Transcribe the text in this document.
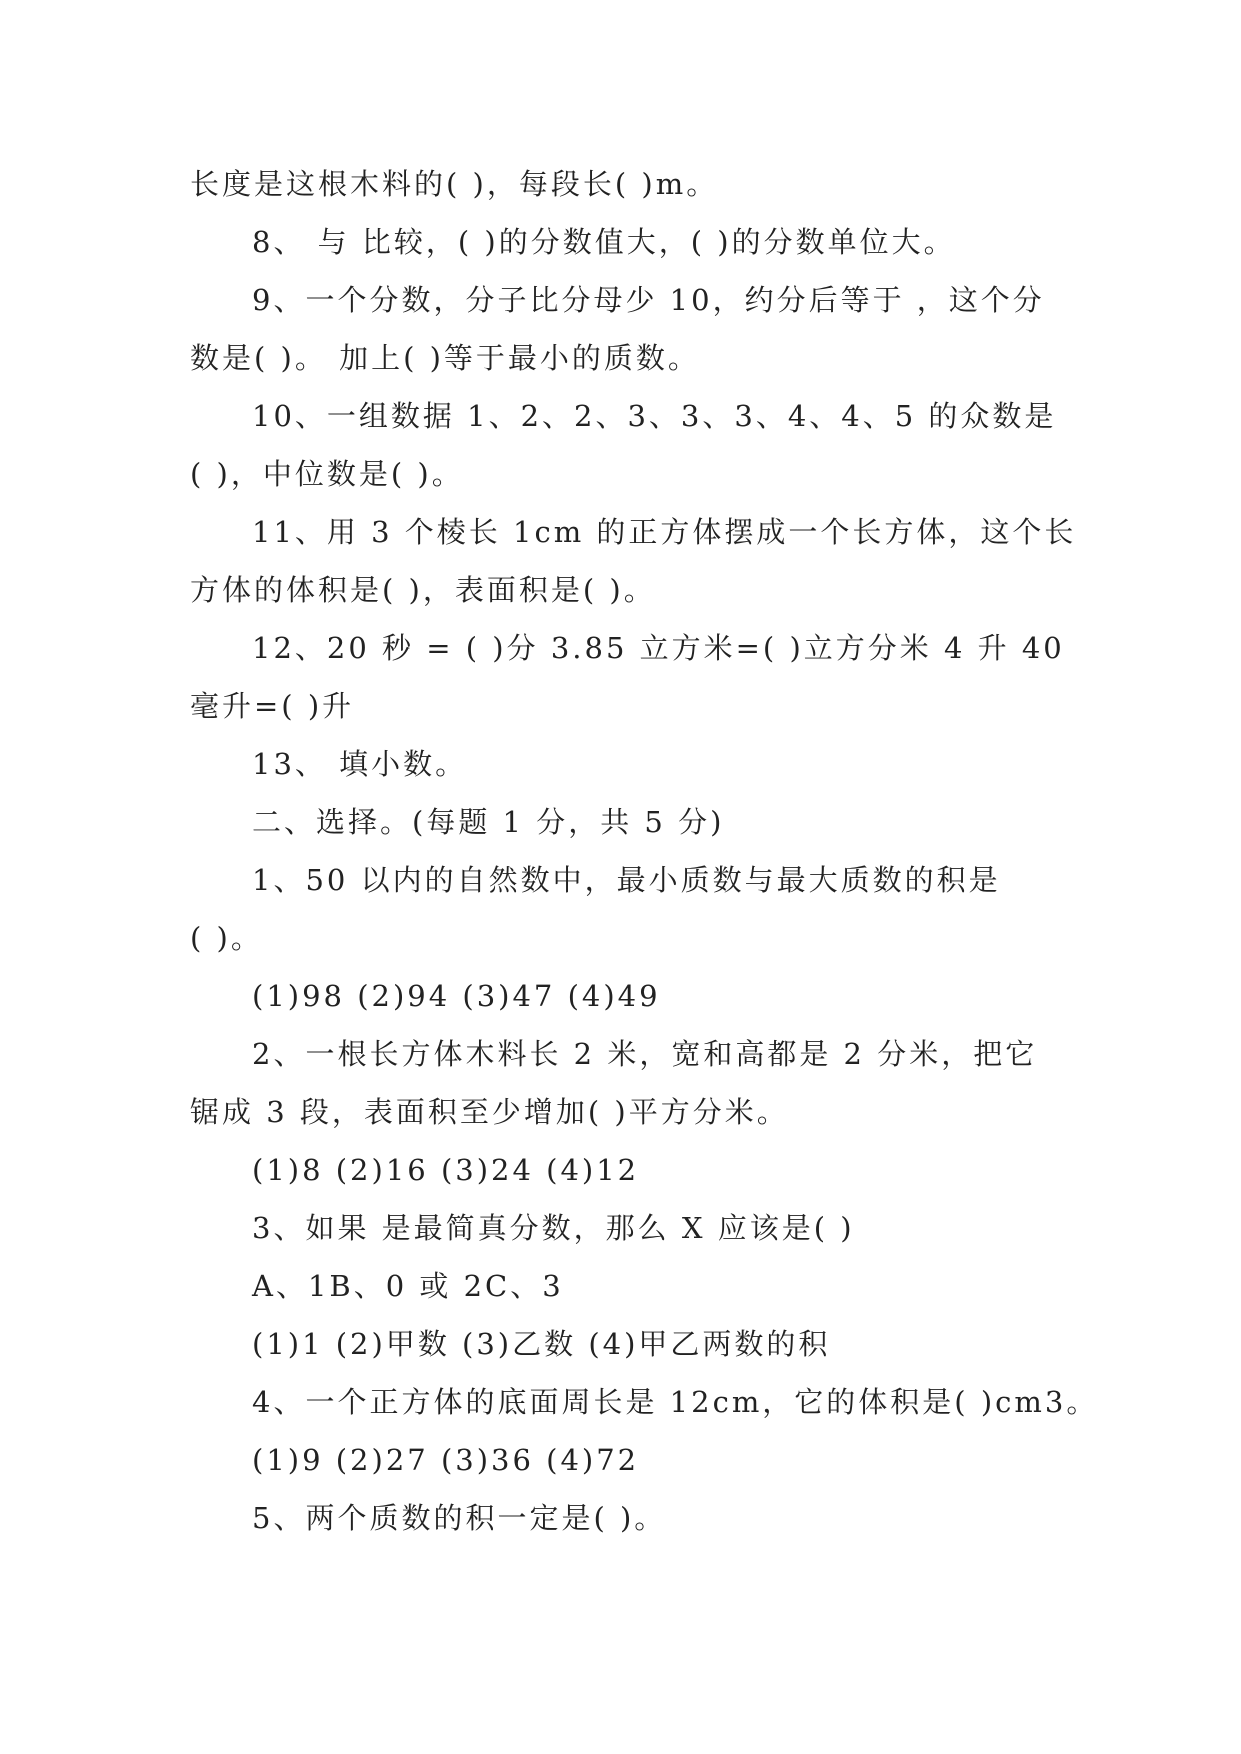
长度是这根木料的( )，每段长( )m。
8、 与 比较，( )的分数值大，( )的分数单位大。
9、一个分数，分子比分母少 10，约分后等于 ，这个分
数是( )。 加上( )等于最小的质数。
10、一组数据 1、2、2、3、3、3、4、4、5 的众数是
( )，中位数是( )。
11、用 3 个棱长 1cm 的正方体摆成一个长方体，这个长
方体的体积是( )，表面积是( )。
12、20 秒 = ( )分 3.85 立方米=( )立方分米 4 升 40
毫升=( )升
13、 填小数。
二、选择。(每题 1 分，共 5 分)
1、50 以内的自然数中，最小质数与最大质数的积是
( )。
(1)98 (2)94 (3)47 (4)49
2、一根长方体木料长 2 米，宽和高都是 2 分米，把它
锯成 3 段，表面积至少增加( )平方分米。
(1)8 (2)16 (3)24 (4)12
3、如果 是最简真分数，那么 X 应该是( )
A、1B、0 或 2C、3
(1)1 (2)甲数 (3)乙数 (4)甲乙两数的积
4、一个正方体的底面周长是 12cm，它的体积是( )cm3。
(1)9 (2)27 (3)36 (4)72
5、两个质数的积一定是( )。
